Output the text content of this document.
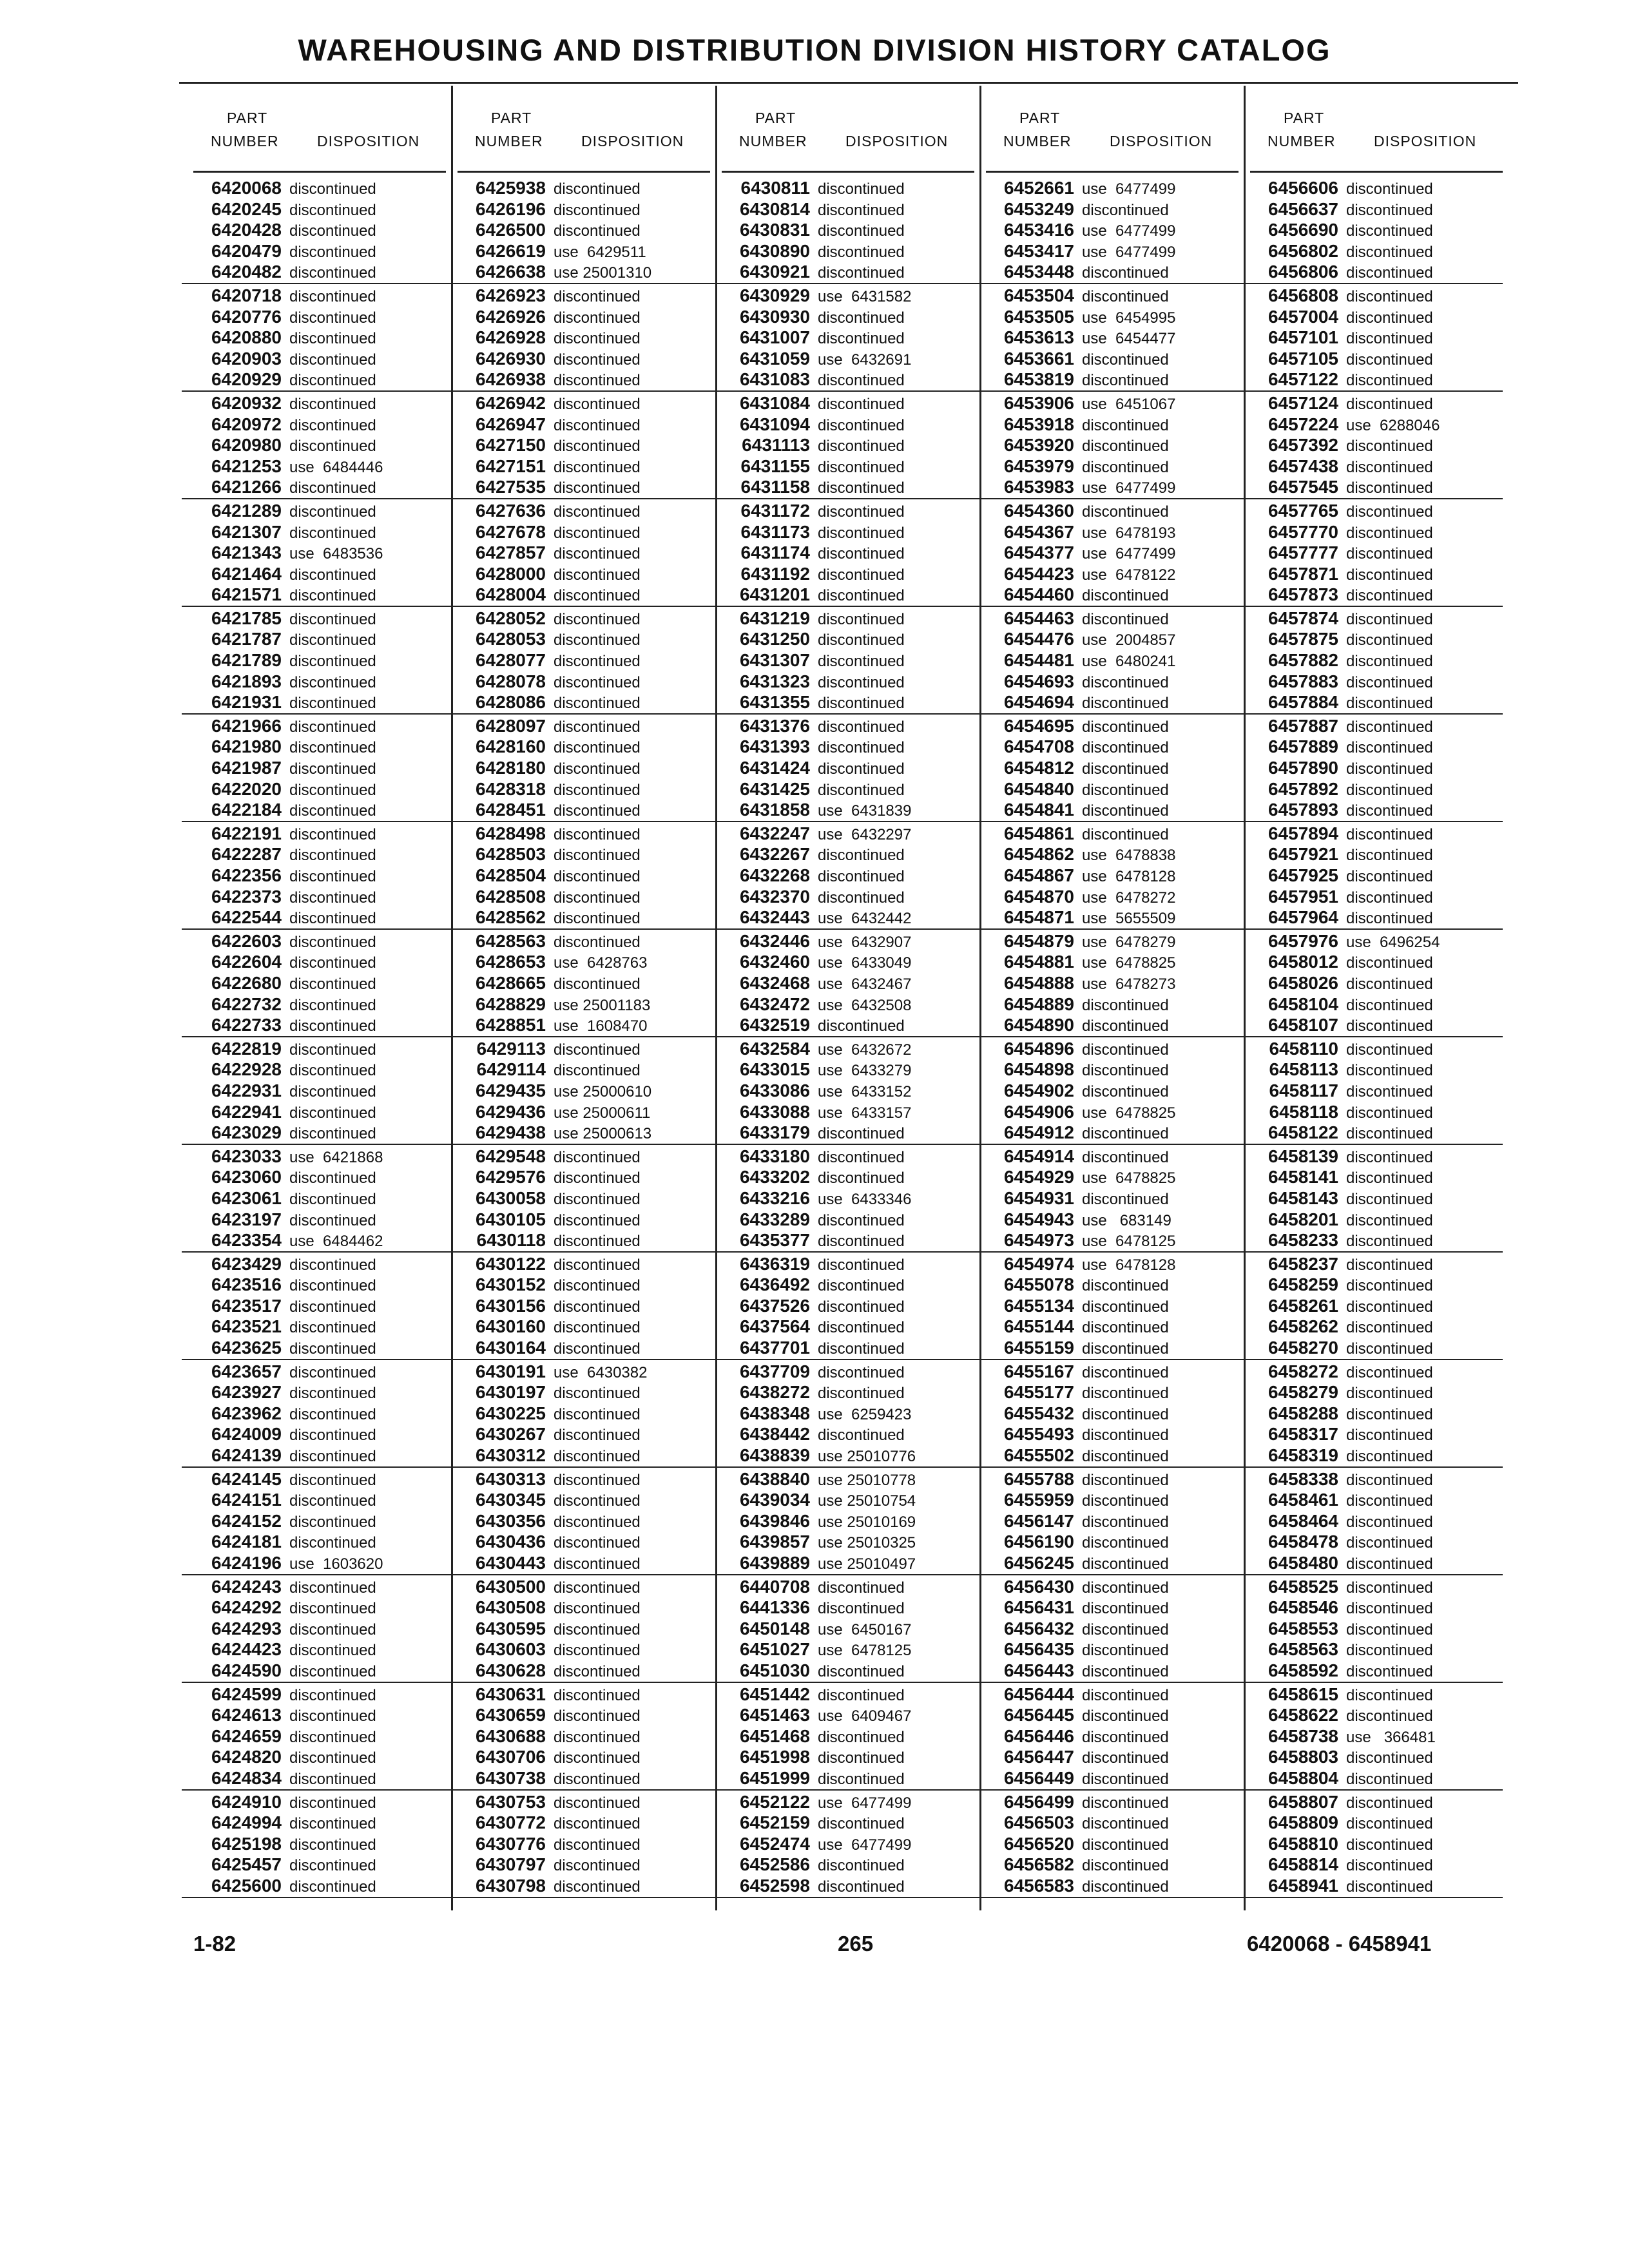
WAREHOUSING AND DISTRIBUTION DIVISION HISTORY CATALOG
PART
NUMBER	DISPOSITION
6420068 discontinued
6420245 discontinued
6420428 discontinued
6420479 discontinued
6420482 discontinued
6420718 discontinued
6420776 discontinued
6420880 discontinued
6420903 discontinued
6420929 discontinued
6420932 discontinued
6420972 discontinued
6420980 discontinued
6421253 use  6484446
6421266 discontinued
6421289 discontinued
6421307 discontinued
6421343 use  6483536
6421464 discontinued
6421571 discontinued
6421785 discontinued
6421787 discontinued
6421789 discontinued
6421893 discontinued
6421931 discontinued
6421966 discontinued
6421980 discontinued
6421987 discontinued
6422020 discontinued
6422184 discontinued
6422191 discontinued
6422287 discontinued
6422356 discontinued
6422373 discontinued
6422544 discontinued
6422603 discontinued
6422604 discontinued
6422680 discontinued
6422732 discontinued
6422733 discontinued
6422819 discontinued
6422928 discontinued
6422931 discontinued
6422941 discontinued
6423029 discontinued
6423033 use  6421868
6423060 discontinued
6423061 discontinued
6423197 discontinued
6423354 use  6484462
6423429 discontinued
6423516 discontinued
6423517 discontinued
6423521 discontinued
6423625 discontinued
6423657 discontinued
6423927 discontinued
6423962 discontinued
6424009 discontinued
6424139 discontinued
6424145 discontinued
6424151 discontinued
6424152 discontinued
6424181 discontinued
6424196 use  1603620
6424243 discontinued
6424292 discontinued
6424293 discontinued
6424423 discontinued
6424590 discontinued
6424599 discontinued
6424613 discontinued
6424659 discontinued
6424820 discontinued
6424834 discontinued
6424910 discontinued
6424994 discontinued
6425198 discontinued
6425457 discontinued
6425600 discontinued
PART
NUMBER	DISPOSITION
6425938 discontinued
6426196 discontinued
6426500 discontinued
6426619 use  6429511
6426638 use 25001310
6426923 discontinued
6426926 discontinued
6426928 discontinued
6426930 discontinued
6426938 discontinued
6426942 discontinued
6426947 discontinued
6427150 discontinued
6427151 discontinued
6427535 discontinued
6427636 discontinued
6427678 discontinued
6427857 discontinued
6428000 discontinued
6428004 discontinued
6428052 discontinued
6428053 discontinued
6428077 discontinued
6428078 discontinued
6428086 discontinued
6428097 discontinued
6428160 discontinued
6428180 discontinued
6428318 discontinued
6428451 discontinued
6428498 discontinued
6428503 discontinued
6428504 discontinued
6428508 discontinued
6428562 discontinued
6428563 discontinued
6428653 use  6428763
6428665 discontinued
6428829 use 25001183
6428851 use  1608470
6429113 discontinued
6429114 discontinued
6429435 use 25000610
6429436 use 25000611
6429438 use 25000613
6429548 discontinued
6429576 discontinued
6430058 discontinued
6430105 discontinued
6430118 discontinued
6430122 discontinued
6430152 discontinued
6430156 discontinued
6430160 discontinued
6430164 discontinued
6430191 use  6430382
6430197 discontinued
6430225 discontinued
6430267 discontinued
6430312 discontinued
6430313 discontinued
6430345 discontinued
6430356 discontinued
6430436 discontinued
6430443 discontinued
6430500 discontinued
6430508 discontinued
6430595 discontinued
6430603 discontinued
6430628 discontinued
6430631 discontinued
6430659 discontinued
6430688 discontinued
6430706 discontinued
6430738 discontinued
6430753 discontinued
6430772 discontinued
6430776 discontinued
6430797 discontinued
6430798 discontinued
PART
NUMBER	DISPOSITION
6430811 discontinued
6430814 discontinued
6430831 discontinued
6430890 discontinued
6430921 discontinued
6430929 use  6431582
6430930 discontinued
6431007 discontinued
6431059 use  6432691
6431083 discontinued
6431084 discontinued
6431094 discontinued
6431113 discontinued
6431155 discontinued
6431158 discontinued
6431172 discontinued
6431173 discontinued
6431174 discontinued
6431192 discontinued
6431201 discontinued
6431219 discontinued
6431250 discontinued
6431307 discontinued
6431323 discontinued
6431355 discontinued
6431376 discontinued
6431393 discontinued
6431424 discontinued
6431425 discontinued
6431858 use  6431839
6432247 use  6432297
6432267 discontinued
6432268 discontinued
6432370 discontinued
6432443 use  6432442
6432446 use  6432907
6432460 use  6433049
6432468 use  6432467
6432472 use  6432508
6432519 discontinued
6432584 use  6432672
6433015 use  6433279
6433086 use  6433152
6433088 use  6433157
6433179 discontinued
6433180 discontinued
6433202 discontinued
6433216 use  6433346
6433289 discontinued
6435377 discontinued
6436319 discontinued
6436492 discontinued
6437526 discontinued
6437564 discontinued
6437701 discontinued
6437709 discontinued
6438272 discontinued
6438348 use  6259423
6438442 discontinued
6438839 use 25010776
6438840 use 25010778
6439034 use 25010754
6439846 use 25010169
6439857 use 25010325
6439889 use 25010497
6440708 discontinued
6441336 discontinued
6450148 use  6450167
6451027 use  6478125
6451030 discontinued
6451442 discontinued
6451463 use  6409467
6451468 discontinued
6451998 discontinued
6451999 discontinued
6452122 use  6477499
6452159 discontinued
6452474 use  6477499
6452586 discontinued
6452598 discontinued
PART
NUMBER	DISPOSITION
6452661 use  6477499
6453249 discontinued
6453416 use  6477499
6453417 use  6477499
6453448 discontinued
6453504 discontinued
6453505 use  6454995
6453613 use  6454477
6453661 discontinued
6453819 discontinued
6453906 use  6451067
6453918 discontinued
6453920 discontinued
6453979 discontinued
6453983 use  6477499
6454360 discontinued
6454367 use  6478193
6454377 use  6477499
6454423 use  6478122
6454460 discontinued
6454463 discontinued
6454476 use  2004857
6454481 use  6480241
6454693 discontinued
6454694 discontinued
6454695 discontinued
6454708 discontinued
6454812 discontinued
6454840 discontinued
6454841 discontinued
6454861 discontinued
6454862 use  6478838
6454867 use  6478128
6454870 use  6478272
6454871 use  5655509
6454879 use  6478279
6454881 use  6478825
6454888 use  6478273
6454889 discontinued
6454890 discontinued
6454896 discontinued
6454898 discontinued
6454902 discontinued
6454906 use  6478825
6454912 discontinued
6454914 discontinued
6454929 use  6478825
6454931 discontinued
6454943 use   683149
6454973 use  6478125
6454974 use  6478128
6455078 discontinued
6455134 discontinued
6455144 discontinued
6455159 discontinued
6455167 discontinued
6455177 discontinued
6455432 discontinued
6455493 discontinued
6455502 discontinued
6455788 discontinued
6455959 discontinued
6456147 discontinued
6456190 discontinued
6456245 discontinued
6456430 discontinued
6456431 discontinued
6456432 discontinued
6456435 discontinued
6456443 discontinued
6456444 discontinued
6456445 discontinued
6456446 discontinued
6456447 discontinued
6456449 discontinued
6456499 discontinued
6456503 discontinued
6456520 discontinued
6456582 discontinued
6456583 discontinued
PART
NUMBER	DISPOSITION
6456606 discontinued
6456637 discontinued
6456690 discontinued
6456802 discontinued
6456806 discontinued
6456808 discontinued
6457004 discontinued
6457101 discontinued
6457105 discontinued
6457122 discontinued
6457124 discontinued
6457224 use  6288046
6457392 discontinued
6457438 discontinued
6457545 discontinued
6457765 discontinued
6457770 discontinued
6457777 discontinued
6457871 discontinued
6457873 discontinued
6457874 discontinued
6457875 discontinued
6457882 discontinued
6457883 discontinued
6457884 discontinued
6457887 discontinued
6457889 discontinued
6457890 discontinued
6457892 discontinued
6457893 discontinued
6457894 discontinued
6457921 discontinued
6457925 discontinued
6457951 discontinued
6457964 discontinued
6457976 use  6496254
6458012 discontinued
6458026 discontinued
6458104 discontinued
6458107 discontinued
6458110 discontinued
6458113 discontinued
6458117 discontinued
6458118 discontinued
6458122 discontinued
6458139 discontinued
6458141 discontinued
6458143 discontinued
6458201 discontinued
6458233 discontinued
6458237 discontinued
6458259 discontinued
6458261 discontinued
6458262 discontinued
6458270 discontinued
6458272 discontinued
6458279 discontinued
6458288 discontinued
6458317 discontinued
6458319 discontinued
6458338 discontinued
6458461 discontinued
6458464 discontinued
6458478 discontinued
6458480 discontinued
6458525 discontinued
6458546 discontinued
6458553 discontinued
6458563 discontinued
6458592 discontinued
6458615 discontinued
6458622 discontinued
6458738 use   366481
6458803 discontinued
6458804 discontinued
6458807 discontinued
6458809 discontinued
6458810 discontinued
6458814 discontinued
6458941 discontinued
1-82	265	6420068 - 6458941
